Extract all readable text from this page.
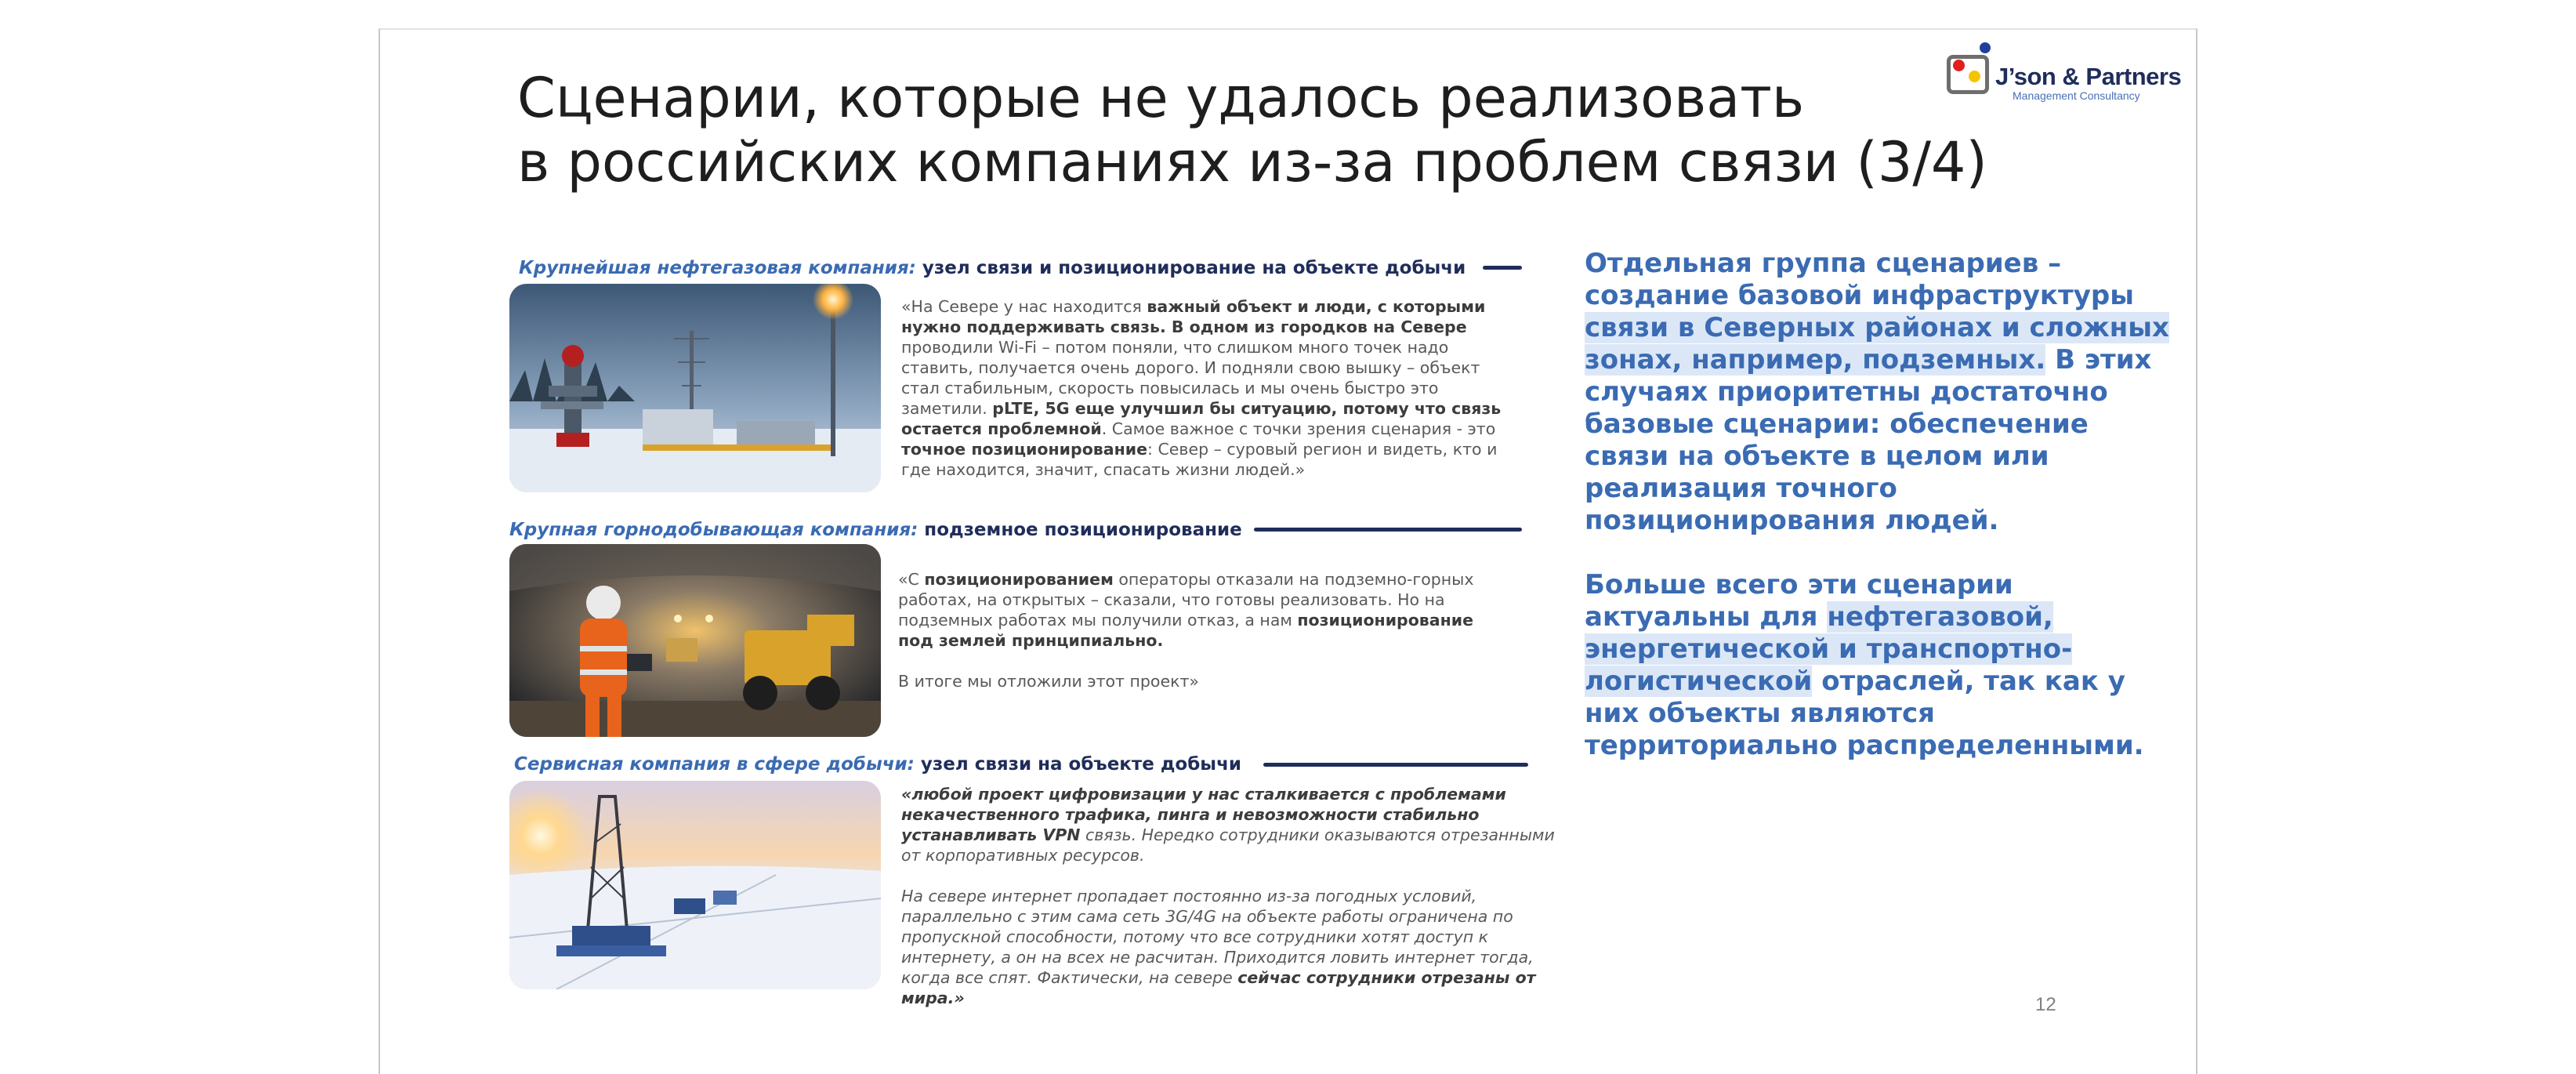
Сценарии, которые не удалось реализовать
в российских компаниях из-за проблем связи (3/4)
J’son & Partners
Management Consultancy
Крупнейшая нефтегазовая компания: узел связи и позиционирование на объекте добычи

«На Севере у нас находится важный объект и люди, с которыми нужно поддерживать связь. В одном из городков на Севере проводили Wi-Fi – потом поняли, что слишком много точек надо ставить, получается очень дорого. И подняли свою вышку – объект стал стабильным, скорость повысилась и мы очень быстро это заметили. pLTE, 5G еще улучшил бы ситуацию, потому что связь остается проблемной. Самое важное с точки зрения сценария - это точное позиционирование: Север – суровый регион и видеть, кто и где находится, значит, спасать жизни людей.»

Крупная горнодобывающая компания: подземное позиционирование

«С позиционированием операторы отказали на подземно-горных работах, на открытых – сказали, что готовы реализовать. Но на подземных работах мы получили отказ, а нам позиционирование под землей принципиально.

В итоге мы отложили этот проект»

Сервисная компания в сфере добычи: узел связи на объекте добычи

«любой проект цифровизации у нас сталкивается с проблемами некачественного трафика, пинга и невозможности стабильно устанавливать VPN связь. Нередко сотрудники оказываются отрезанными от корпоративных ресурсов.

На севере интернет пропадает постоянно из-за погодных условий, параллельно с этим сама сеть 3G/4G на объекте работы ограничена по пропускной способности, потому что все сотрудники хотят доступ к интернету, а он на всех не расчитан. Приходится ловить интернет тогда, когда все спят. Фактически, на севере сейчас сотрудники отрезаны от мира.»

Отдельная группа сценариев – создание базовой инфраструктуры связи в Северных районах и сложных зонах, например, подземных. В этих случаях приоритетны достаточно базовые сценарии: обеспечение связи на объекте в целом или реализация точного позиционирования людей.

Больше всего эти сценарии актуальны для нефтегазовой, энергетической и транспортно-логистической отраслей, так как у них объекты являются территориально распределенными.

12
